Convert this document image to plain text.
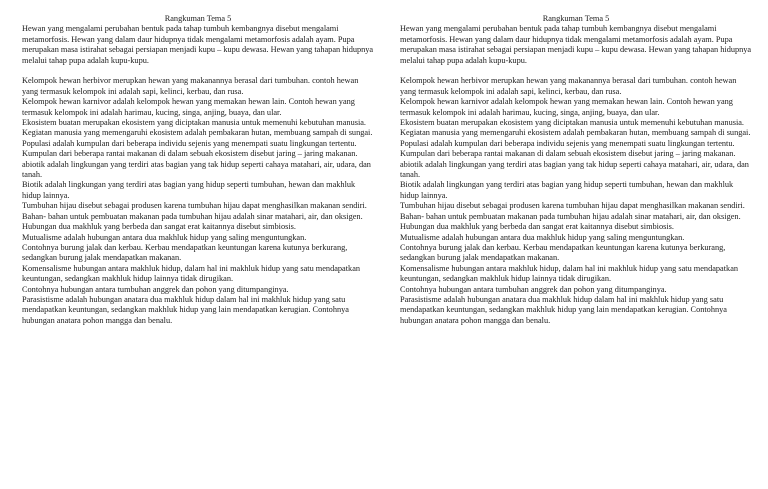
Rangkuman Tema 5

Hewan yang mengalami perubahan bentuk pada tahap tumbuh kembangnya disebut mengalami metamorfosis. Hewan yang dalam daur hidupnya tidak mengalami metamorfosis adalah ayam. Pupa merupakan masa istirahat sebagai persiapan menjadi kupu – kupu dewasa. Hewan yang tahapan hidupnya melalui tahap pupa adalah kupu-kupu.

Kelompok hewan herbivor merupkan hewan yang makanannya berasal dari tumbuhan. contoh hewan yang termasuk kelompok ini adalah sapi, kelinci, kerbau, dan rusa.

Kelompok hewan karnivor adalah kelompok hewan yang memakan hewan lain. Contoh hewan yang termasuk kelompok ini adalah harimau, kucing, singa, anjing, buaya, dan ular.

Ekosistem buatan merupakan ekosistem yang diciptakan manusia untuk memenuhi kebutuhan manusia.

Kegiatan manusia yang memengaruhi ekosistem adalah pembakaran hutan, membuang sampah di sungai.

Populasi adalah kumpulan dari beberapa individu sejenis yang menempati suatu lingkungan tertentu.

Kumpulan dari beberapa rantai makanan di dalam sebuah ekosistem disebut jaring – jaring makanan.

abiotik adalah lingkungan yang terdiri atas bagian yang tak hidup seperti cahaya matahari, air, udara, dan tanah.

Biotik adalah lingkungan yang terdiri atas bagian yang hidup seperti tumbuhan, hewan dan makhluk hidup lainnya.

Tumbuhan hijau disebut sebagai produsen karena tumbuhan hijau dapat menghasilkan makanan sendiri.

Bahan- bahan untuk pembuatan makanan pada tumbuhan hijau adalah sinar matahari, air, dan oksigen.

Hubungan dua makhluk yang berbeda dan sangat erat kaitannya disebut simbiosis.

Mutualisme adalah hubungan antara dua makhluk hidup yang saling menguntungkan.

Contohnya burung jalak dan kerbau. Kerbau mendapatkan keuntungan karena kutunya berkurang, sedangkan burung jalak mendapatkan makanan.

Komensalisme hubungan antara makhluk hidup, dalam hal ini makhluk hidup yang satu mendapatkan keuntungan, sedangkan makhluk hidup lainnya tidak dirugikan.

Contohnya hubungan antara tumbuhan anggrek dan pohon yang ditumpanginya.

Parasistisme adalah hubungan anatara dua makhluk hidup dalam hal ini makhluk hidup yang satu mendapatkan keuntungan, sedangkan makhluk hidup yang lain mendapatkan kerugian. Contohnya hubungan anatara pohon mangga dan benalu.

Rangkuman Tema 5

Hewan yang mengalami perubahan bentuk pada tahap tumbuh kembangnya disebut mengalami metamorfosis. Hewan yang dalam daur hidupnya tidak mengalami metamorfosis adalah ayam. Pupa merupakan masa istirahat sebagai persiapan menjadi kupu – kupu dewasa. Hewan yang tahapan hidupnya melalui tahap pupa adalah kupu-kupu.

Kelompok hewan herbivor merupkan hewan yang makanannya berasal dari tumbuhan. contoh hewan yang termasuk kelompok ini adalah sapi, kelinci, kerbau, dan rusa.

Kelompok hewan karnivor adalah kelompok hewan yang memakan hewan lain. Contoh hewan yang termasuk kelompok ini adalah harimau, kucing, singa, anjing, buaya, dan ular.

Ekosistem buatan merupakan ekosistem yang diciptakan manusia untuk memenuhi kebutuhan manusia.

Kegiatan manusia yang memengaruhi ekosistem adalah pembakaran hutan, membuang sampah di sungai.

Populasi adalah kumpulan dari beberapa individu sejenis yang menempati suatu lingkungan tertentu.

Kumpulan dari beberapa rantai makanan di dalam sebuah ekosistem disebut jaring – jaring makanan.

abiotik adalah lingkungan yang terdiri atas bagian yang tak hidup seperti cahaya matahari, air, udara, dan tanah.

Biotik adalah lingkungan yang terdiri atas bagian yang hidup seperti tumbuhan, hewan dan makhluk hidup lainnya.

Tumbuhan hijau disebut sebagai produsen karena tumbuhan hijau dapat menghasilkan makanan sendiri.

Bahan- bahan untuk pembuatan makanan pada tumbuhan hijau adalah sinar matahari, air, dan oksigen.

Hubungan dua makhluk yang berbeda dan sangat erat kaitannya disebut simbiosis.

Mutualisme adalah hubungan antara dua makhluk hidup yang saling menguntungkan.

Contohnya burung jalak dan kerbau. Kerbau mendapatkan keuntungan karena kutunya berkurang, sedangkan burung jalak mendapatkan makanan.

Komensalisme hubungan antara makhluk hidup, dalam hal ini makhluk hidup yang satu mendapatkan keuntungan, sedangkan makhluk hidup lainnya tidak dirugikan.

Contohnya hubungan antara tumbuhan anggrek dan pohon yang ditumpanginya.

Parasistisme adalah hubungan anatara dua makhluk hidup dalam hal ini makhluk hidup yang satu mendapatkan keuntungan, sedangkan makhluk hidup yang lain mendapatkan kerugian. Contohnya hubungan anatara pohon mangga dan benalu.
